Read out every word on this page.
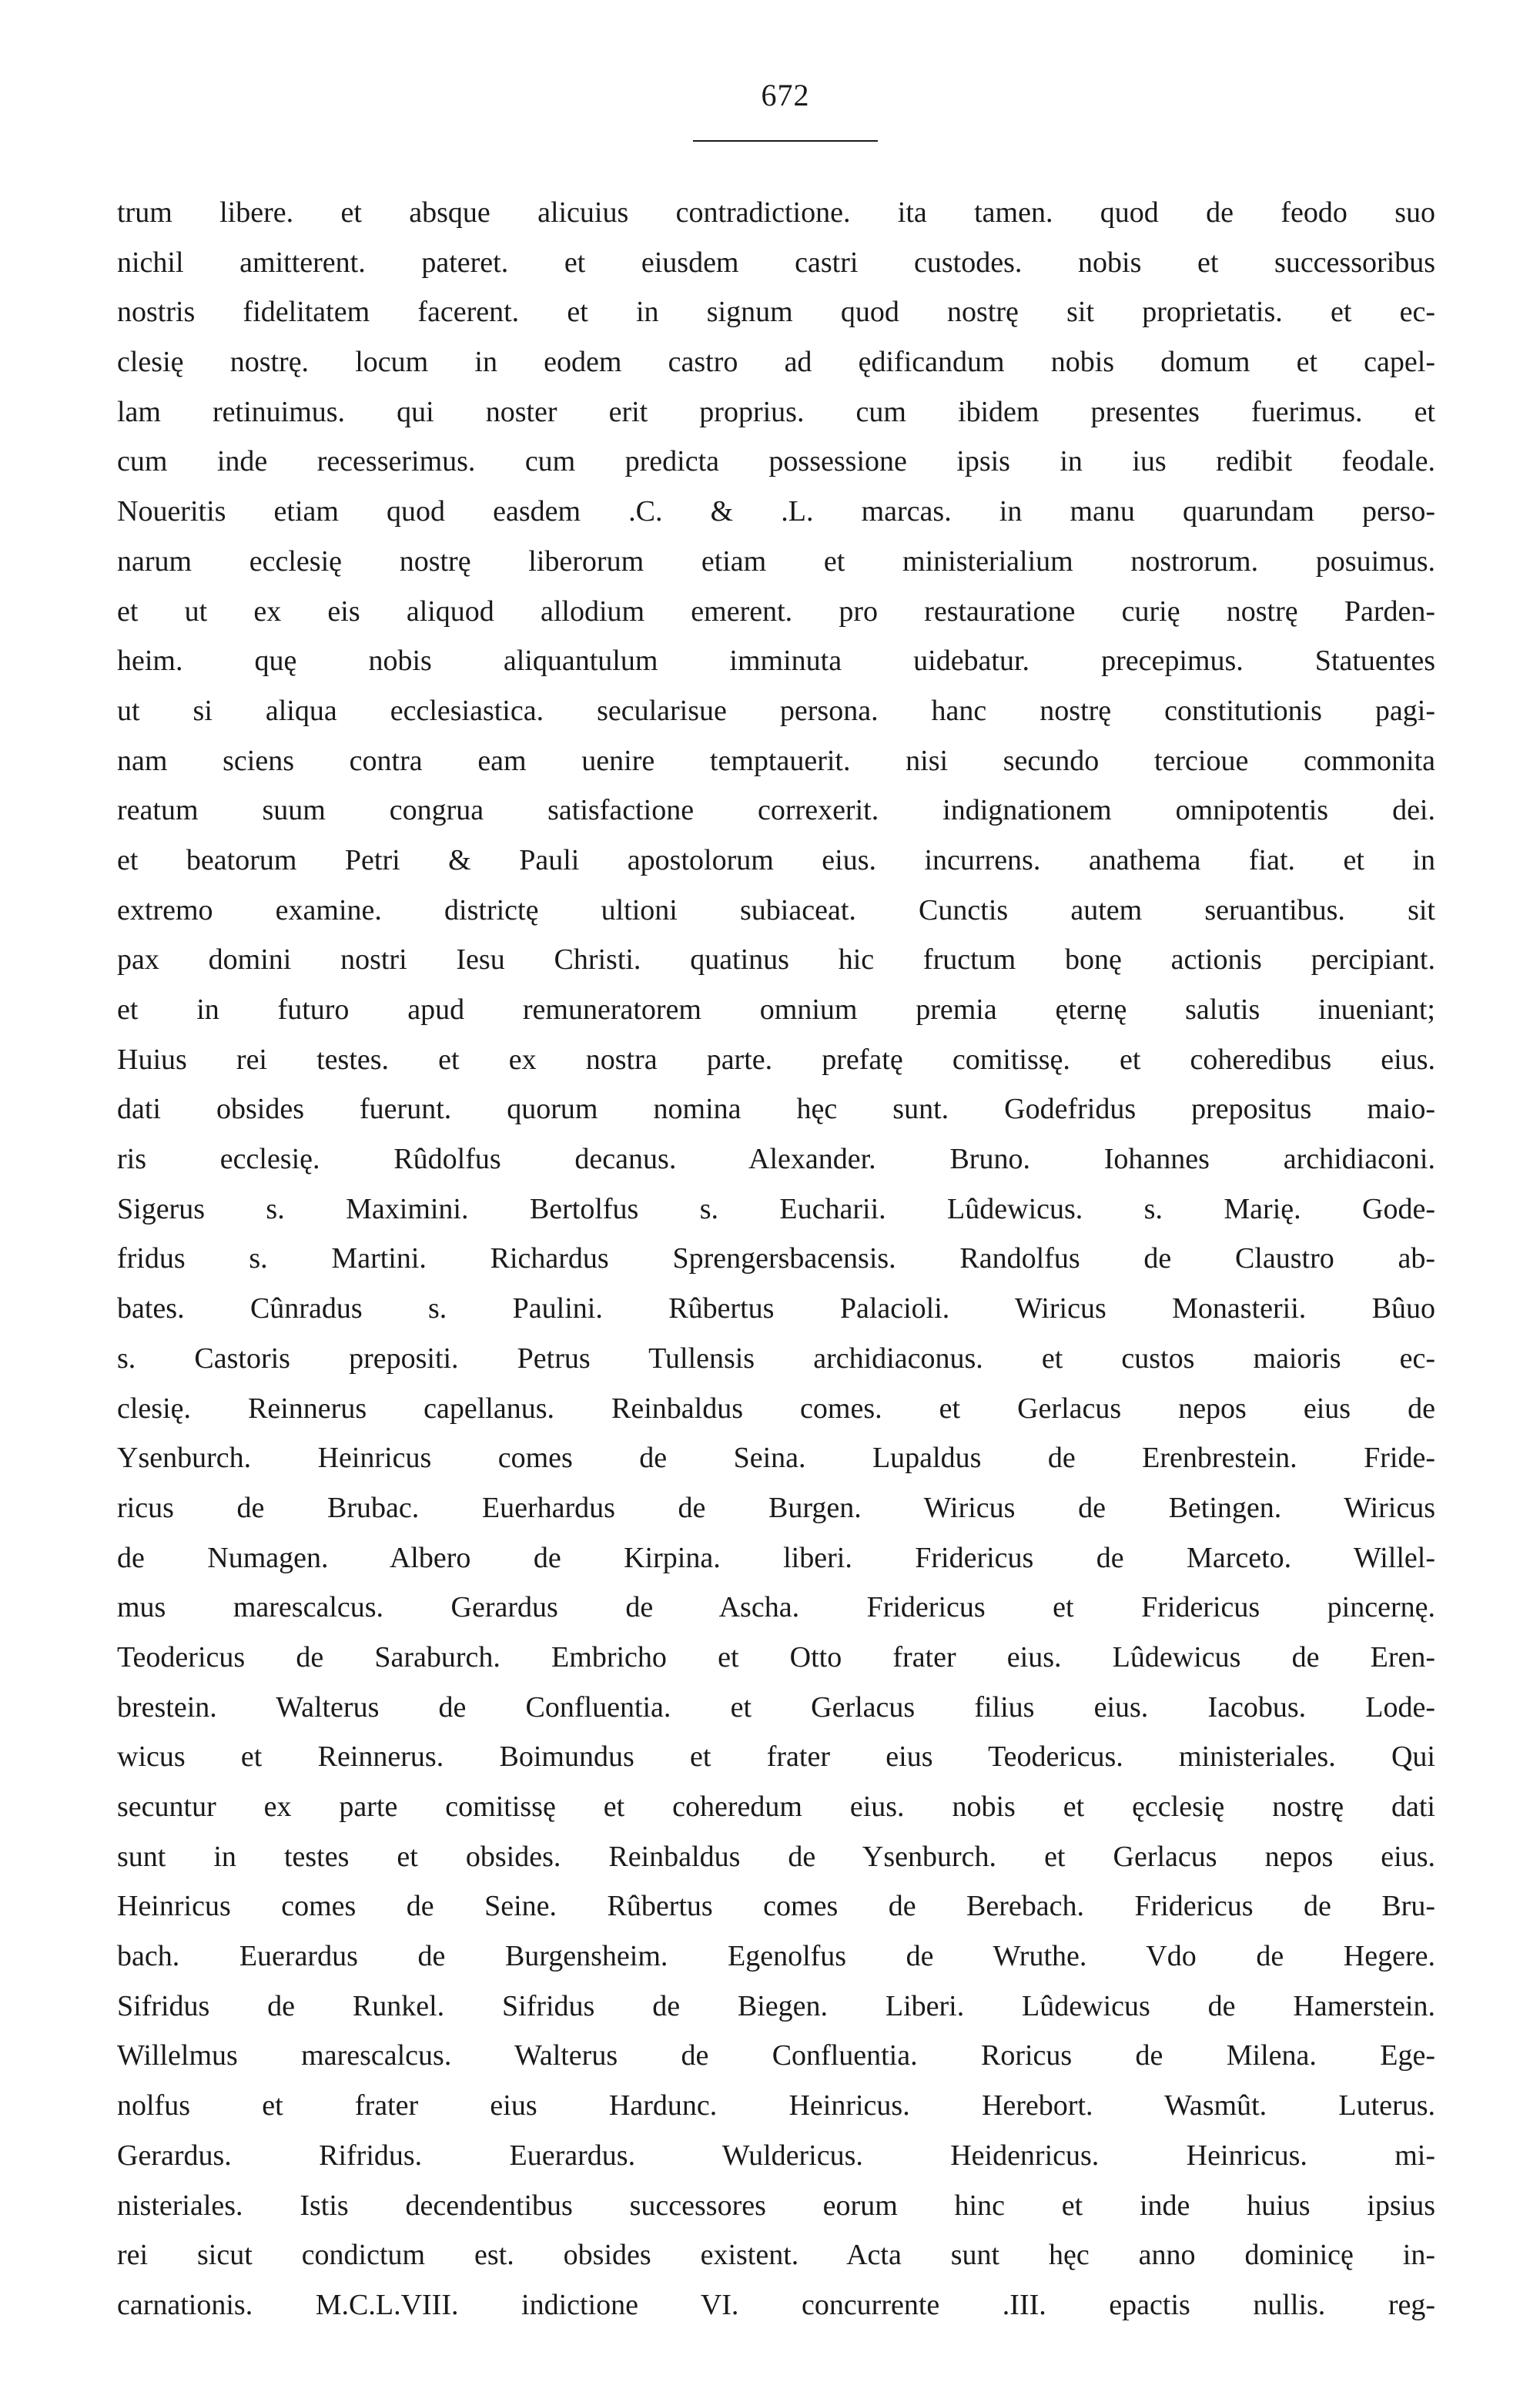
672
trum libere. et absque alicuius contradictione. ita tamen. quod de feodo suo
nichil amitterent. pateret. et eiusdem castri custodes. nobis et successoribus
nostris fidelitatem facerent. et in signum quod nostrę sit proprietatis. et ec-
clesię nostrę. locum in eodem castro ad ędificandum nobis domum et capel-
lam retinuimus. qui noster erit proprius. cum ibidem presentes fuerimus. et
cum inde recesserimus. cum predicta possessione ipsis in ius redibit feodale.
Noueritis etiam quod easdem .C. & .L. marcas. in manu quarundam perso-
narum ecclesię nostrę liberorum etiam et ministerialium nostrorum. posuimus.
et ut ex eis aliquod allodium emerent. pro restauratione curię nostrę Parden-
heim. quę nobis aliquantulum imminuta uidebatur. precepimus. Statuentes
ut si aliqua ecclesiastica. secularisue persona. hanc nostrę constitutionis pagi-
nam sciens contra eam uenire temptauerit. nisi secundo tercioue commonita
reatum suum congrua satisfactione correxerit. indignationem omnipotentis dei.
et beatorum Petri & Pauli apostolorum eius. incurrens. anathema fiat. et in
extremo examine. districtę ultioni subiaceat. Cunctis autem seruantibus. sit
pax domini nostri Iesu Christi. quatinus hic fructum bonę actionis percipiant.
et in futuro apud remuneratorem omnium premia ęternę salutis inueniant;
Huius rei testes. et ex nostra parte. prefatę comitissę. et coheredibus eius.
dati obsides fuerunt. quorum nomina hęc sunt. Godefridus prepositus maio-
ris ecclesię. Rûdolfus decanus. Alexander. Bruno. Iohannes archidiaconi.
Sigerus s. Maximini. Bertolfus s. Eucharii. Lûdewicus. s. Marię. Gode-
fridus s. Martini. Richardus Sprengersbacensis. Randolfus de Claustro ab-
bates. Cûnradus s. Paulini. Rûbertus Palacioli. Wiricus Monasterii. Bûuo
s. Castoris prepositi. Petrus Tullensis archidiaconus. et custos maioris ec-
clesię. Reinnerus capellanus. Reinbaldus comes. et Gerlacus nepos eius de
Ysenburch. Heinricus comes de Seina. Lupaldus de Erenbrestein. Fride-
ricus de Brubac. Euerhardus de Burgen. Wiricus de Betingen. Wiricus
de Numagen. Albero de Kirpina. liberi. Fridericus de Marceto. Willel-
mus marescalcus. Gerardus de Ascha. Fridericus et Fridericus pincernę.
Teodericus de Saraburch. Embricho et Otto frater eius. Lûdewicus de Eren-
brestein. Walterus de Confluentia. et Gerlacus filius eius. Iacobus. Lode-
wicus et Reinnerus. Boimundus et frater eius Teodericus. ministeriales. Qui
secuntur ex parte comitissę et coheredum eius. nobis et ęcclesię nostrę dati
sunt in testes et obsides. Reinbaldus de Ysenburch. et Gerlacus nepos eius.
Heinricus comes de Seine. Rûbertus comes de Berebach. Fridericus de Bru-
bach. Euerardus de Burgensheim. Egenolfus de Wruthe. Vdo de Hegere.
Sifridus de Runkel. Sifridus de Biegen. Liberi. Lûdewicus de Hamerstein.
Willelmus marescalcus. Walterus de Confluentia. Roricus de Milena. Ege-
nolfus et frater eius Hardunc. Heinricus. Herebort. Wasmût. Luterus.
Gerardus. Rifridus. Euerardus. Wuldericus. Heidenricus. Heinricus. mi-
nisteriales. Istis decendentibus successores eorum hinc et inde huius ipsius
rei sicut condictum est. obsides existent. Acta sunt hęc anno dominicę in-
carnationis. M.C.L.VIII. indictione VI. concurrente .III. epactis nullis. reg-
